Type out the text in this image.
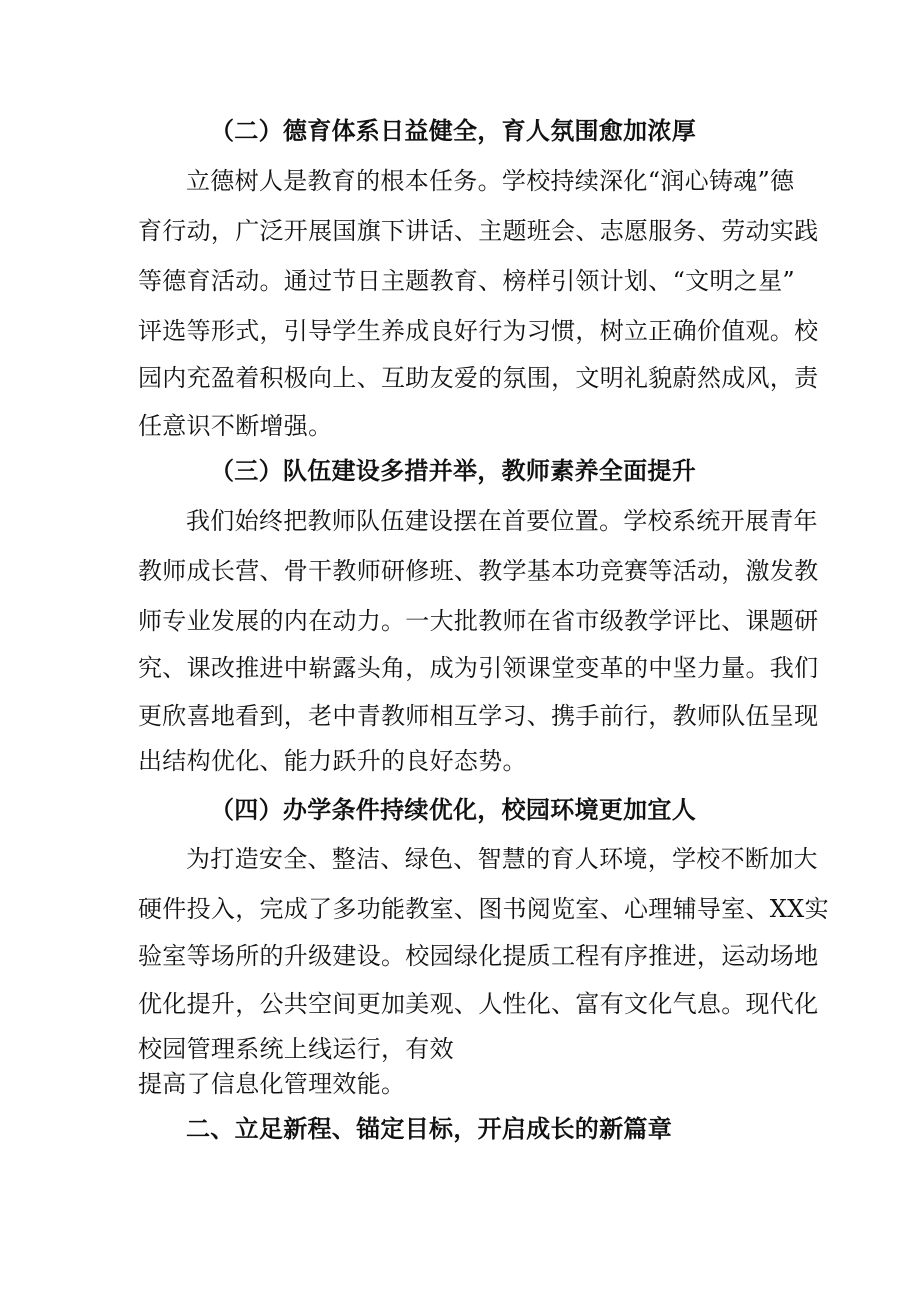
（二）德育体系日益健全，育人氛围愈加浓厚
立德树人是教育的根本任务。学校持续深化“润心铸魂”德
育行动，广泛开展国旗下讲话、主题班会、志愿服务、劳动实践
等德育活动。通过节日主题教育、榜样引领计划、“文明之星”
评选等形式，引导学生养成良好行为习惯，树立正确价值观。校
园内充盈着积极向上、互助友爱的氛围，文明礼貌蔚然成风，责
任意识不断增强。
（三）队伍建设多措并举，教师素养全面提升
我们始终把教师队伍建设摆在首要位置。学校系统开展青年
教师成长营、骨干教师研修班、教学基本功竞赛等活动，激发教
师专业发展的内在动力。一大批教师在省市级教学评比、课题研
究、课改推进中崭露头角，成为引领课堂变革的中坚力量。我们
更欣喜地看到，老中青教师相互学习、携手前行，教师队伍呈现
出结构优化、能力跃升的良好态势。
（四）办学条件持续优化，校园环境更加宜人
为打造安全、整洁、绿色、智慧的育人环境，学校不断加大
硬件投入，完成了多功能教室、图书阅览室、心理辅导室、XX实
验室等场所的升级建设。校园绿化提质工程有序推进，运动场地
优化提升，公共空间更加美观、人性化、富有文化气息。现代化
校园管理系统上线运行，有效
提高了信息化管理效能。
二、立足新程、锚定目标，开启成长的新篇章
